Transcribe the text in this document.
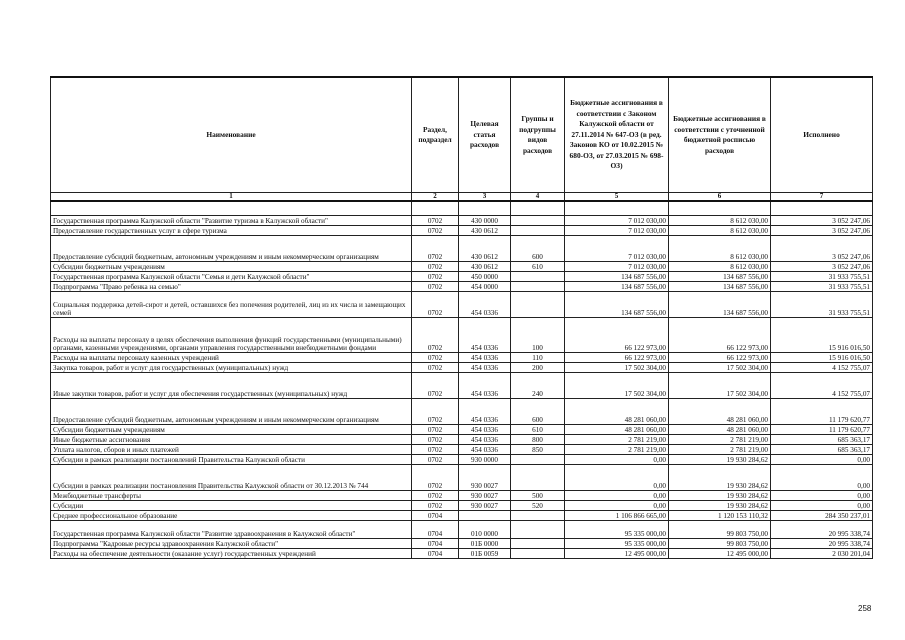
Наименование	Раздел, подраздел	Целевая статья расходов	Группы и подгруппы видов расходов	Бюджетные ассигнования в соответствии с Законом Калужской области от 27.11.2014 № 647-ОЗ (в ред. Законов КО от 10.02.2015 № 680-ОЗ, от 27.03.2015 № 698-ОЗ)	Бюджетные ассигнования в соответствии с уточненной бюджетной росписью расходов	Исполнено
1	2	3	4	5	6	7

Государственная программа Калужской области "Развитие туризма в Калужской области"	0702	430 0000		7 012 030,00	8 612 030,00	3 052 247,06
Предоставление государственных услуг в сфере туризма	0702	430 0612		7 012 030,00	8 612 030,00	3 052 247,06
Предоставление субсидий бюджетным, автономным учреждениям и иным некоммерческим организациям	0702	430 0612	600	7 012 030,00	8 612 030,00	3 052 247,06
Субсидии бюджетным учреждениям	0702	430 0612	610	7 012 030,00	8 612 030,00	3 052 247,06
Государственная программа Калужской области "Семья и дети Калужской области"	0702	450 0000		134 687 556,00	134 687 556,00	31 933 755,51
Подпрограмма "Право ребенка на семью"	0702	454 0000		134 687 556,00	134 687 556,00	31 933 755,51
Социальная поддержка детей-сирот и детей, оставшихся без попечения родителей, лиц из их числа и замещающих семей	0702	454 0336		134 687 556,00	134 687 556,00	31 933 755,51
Расходы на выплаты персоналу в целях обеспечения выполнения функций государственными (муниципальными) органами, казенными учреждениями, органами управления государственными внебюджетными фондами	0702	454 0336	100	66 122 973,00	66 122 973,00	15 916 016,50
Расходы на выплаты персоналу казенных учреждений	0702	454 0336	110	66 122 973,00	66 122 973,00	15 916 016,50
Закупка товаров, работ и услуг для государственных (муниципальных) нужд	0702	454 0336	200	17 502 304,00	17 502 304,00	4 152 755,07
Иные закупки товаров, работ и услуг для обеспечения государственных (муниципальных) нужд	0702	454 0336	240	17 502 304,00	17 502 304,00	4 152 755,07
Предоставление субсидий бюджетным, автономным учреждениям и иным некоммерческим организациям	0702	454 0336	600	48 281 060,00	48 281 060,00	11 179 620,77
Субсидии бюджетным учреждениям	0702	454 0336	610	48 281 060,00	48 281 060,00	11 179 620,77
Иные бюджетные ассигнования	0702	454 0336	800	2 781 219,00	2 781 219,00	685 363,17
Уплата налогов, сборов и иных платежей	0702	454 0336	850	2 781 219,00	2 781 219,00	685 363,17
Субсидии в рамках реализации постановлений Правительства Калужской области	0702	930 0000		0,00	19 930 284,62	0,00
Субсидии в рамках реализации постановления Правительства Калужской области от 30.12.2013 № 744	0702	930 0027		0,00	19 930 284,62	0,00
Межбюджетные трансферты	0702	930 0027	500	0,00	19 930 284,62	0,00
Субсидии	0702	930 0027	520	0,00	19 930 284,62	0,00
Среднее профессиональное образование	0704			1 106 866 665,00	1 120 153 110,32	284 350 237,01
Государственная программа Калужской области "Развитие здравоохранения в Калужской области"	0704	010 0000		95 335 000,00	99 803 750,00	20 995 338,74
Подпрограмма "Кадровые ресурсы здравоохранения Калужской области"	0704	01Б 0000		95 335 000,00	99 803 750,00	20 995 338,74
Расходы на обеспечение деятельности (оказание услуг) государственных учреждений	0704	01Б 0059		12 495 000,00	12 495 000,00	2 030 201,04
258
